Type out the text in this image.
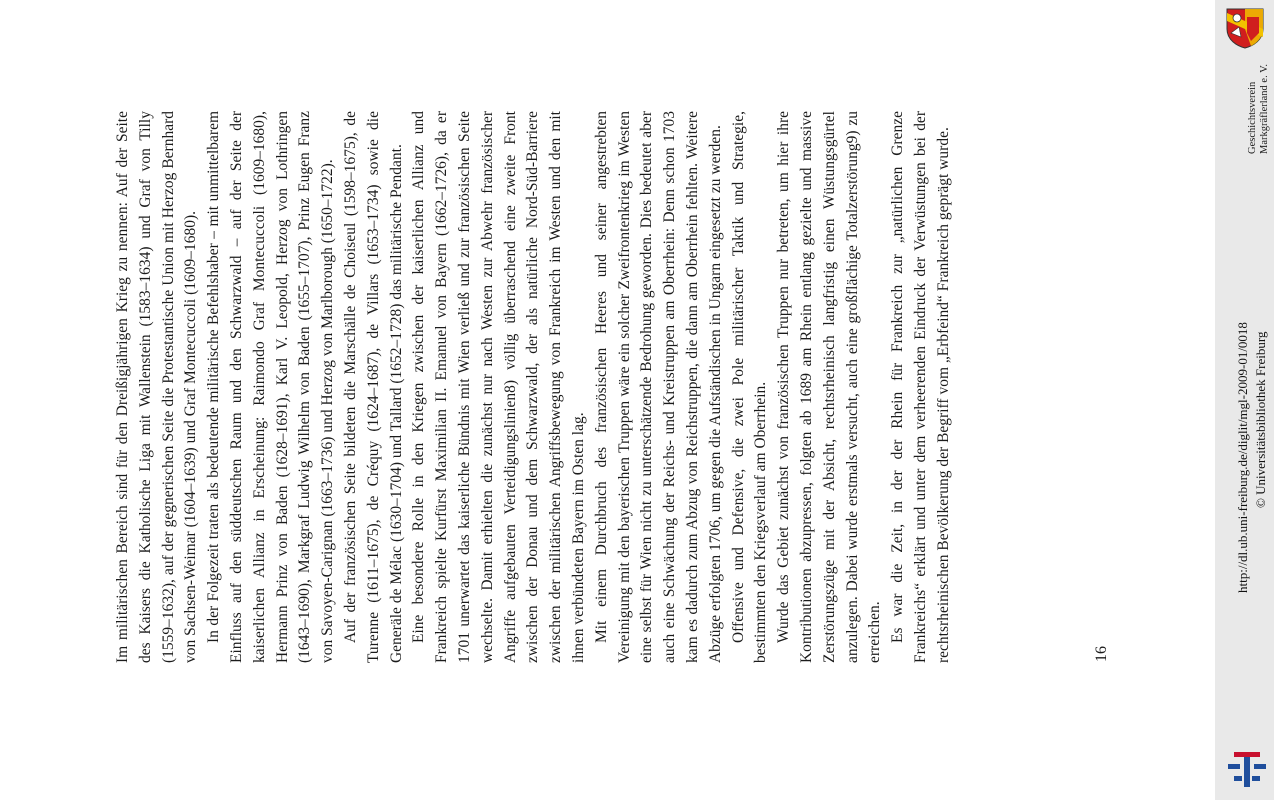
Im militärischen Bereich sind für den Dreißigjährigen Krieg zu nennen: Auf der Seite des Kaisers die Katholische Liga mit Wallenstein (1583–1634) und Graf von Tilly (1559–1632), auf der gegnerischen Seite die Protestantische Union mit Herzog Bernhard von Sachsen-Weimar (1604–1639) und Graf Montecuccoli (1609–1680). In der Folgezeit traten als bedeutende militärische Befehlshaber – mit unmittelbarem Einfluss auf den süddeutschen Raum und den Schwarzwald – auf der Seite der kaiserlichen Allianz in Erscheinung: Raimondo Graf Montecuccoli (1609–1680), Hermann Prinz von Baden (1628–1691), Karl V. Leopold, Herzog von Lothringen (1643–1690), Markgraf Ludwig Wilhelm von Baden (1655–1707), Prinz Eugen Franz von Savoyen-Carignan (1663–1736) und Herzog von Marlborough (1650–1722). Auf der französischen Seite bildeten die Marschälle de Choiseul (1598–1675), de Turenne (1611–1675), de Créquy (1624–1687), de Villars (1653–1734) sowie die Generäle de Mélac (1630–1704) und Tallard (1652–1728) das militärische Pendant. Eine besondere Rolle in den Kriegen zwischen der kaiserlichen Allianz und Frankreich spielte Kurfürst Maximilian II. Emanuel von Bayern (1662–1726), da er 1701 unerwartet das kaiserliche Bündnis mit Wien verließ und zur französischen Seite wechselte. Damit erhielten die zunächst nur nach Westen zur Abwehr französischer Angriffe aufgebauten Verteidigungslinien8) völlig überraschend eine zweite Front zwischen der Donau und dem Schwarzwald, der als natürliche Nord-Süd-Barriere zwischen der militärischen Angriffsbewegung von Frankreich im Westen und den mit ihnen verbündeten Bayern im Osten lag. Mit einem Durchbruch des französischen Heeres und seiner angestrebten Vereinigung mit den bayerischen Truppen wäre ein solcher Zweifrontenkrieg im Westen eine selbst für Wien nicht zu unterschätzende Bedrohung geworden. Dies bedeutet aber auch eine Schwächung der Reichs- und Kreistruppen am Oberrhein: Denn schon 1703 kam es dadurch zum Abzug von Reichstruppen, die dann am Oberrhein fehlten. Weitere Abzüge erfolgten 1706, um gegen die Aufständischen in Ungarn eingesetzt zu werden. Offensive und Defensive, die zwei Pole militärischer Taktik und Strategie, bestimmten den Kriegsverlauf am Oberrhein. Wurde das Gebiet zunächst von französischen Truppen nur betreten, um hier ihre Kontributionen abzupressen, folgten ab 1689 am Rhein entlang gezielte und massive Zerstörungszüge mit der Absicht, rechtsrheinisch langfristig einen Wüstungsgürtel anzulegen. Dabei wurde erstmals versucht, auch eine großflächige Totalzerstörung9) zu erreichen. Es war die Zeit, in der der Rhein für Frankreich zur „natürlichen Grenze Frankreichs“ erklärt und unter dem verheerenden Eindruck der Verwüstungen bei der rechtsrheinischen Bevölkerung der Begriff vom „Erbfeind“ Frankreich geprägt wurde.	16
Geschichtsverein Markgräflerland e. V.
http://dl.ub.uni-freiburg.de/diglit/mgl-2009-01/0018 © Universitätsbibliothek Freiburg
